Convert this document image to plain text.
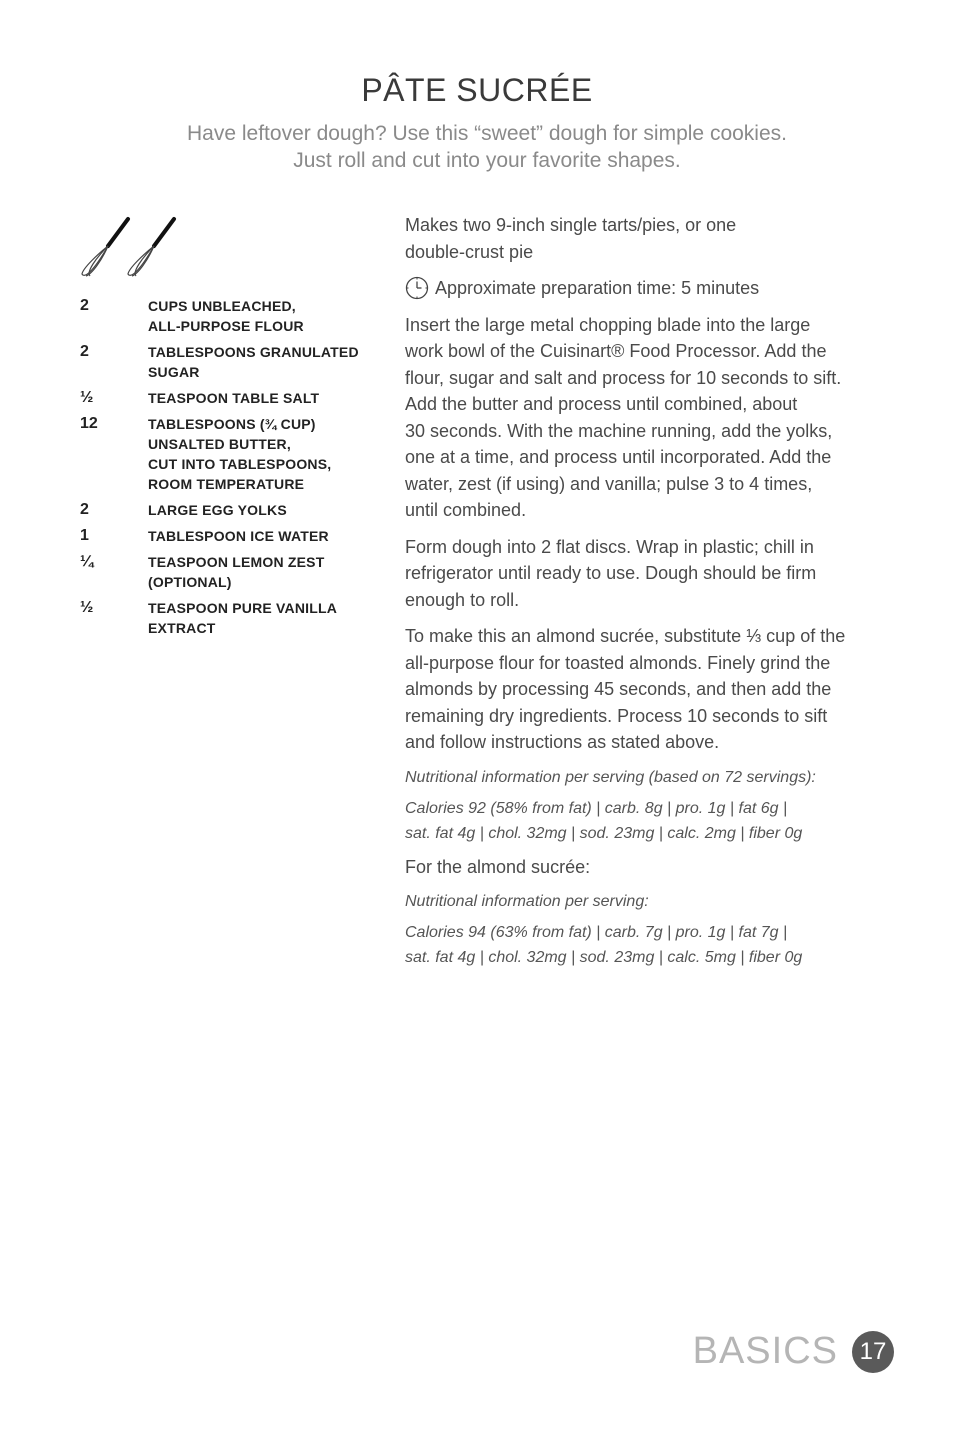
PÂTE SUCRÉE
Have leftover dough? Use this “sweet” dough for simple cookies.
Just roll and cut into your favorite shapes.
2	CUPS UNBLEACHED,
ALL-PURPOSE FLOUR
2	TABLESPOONS GRANULATED
SUGAR
½	TEASPOON TABLE SALT
12	TABLESPOONS (¾ CUP)
UNSALTED BUTTER,
CUT INTO TABLESPOONS,
ROOM TEMPERATURE
2	LARGE EGG YOLKS
1	TABLESPOON ICE WATER
¼	TEASPOON LEMON ZEST
(OPTIONAL)
½	TEASPOON PURE VANILLA
EXTRACT

Makes two 9-inch single tarts/pies, or one
double-crust pie

Approximate preparation time: 5 minutes

Insert the large metal chopping blade into the large
work bowl of the Cuisinart® Food Processor. Add the
flour, sugar and salt and process for 10 seconds to sift.
Add the butter and process until combined, about
30 seconds. With the machine running, add the yolks,
one at a time, and process until incorporated. Add the
water, zest (if using) and vanilla; pulse 3 to 4 times,
until combined.

Form dough into 2 flat discs. Wrap in plastic; chill in
refrigerator until ready to use. Dough should be firm
enough to roll.

To make this an almond sucrée, substitute ⅓ cup of the
all-purpose flour for toasted almonds. Finely grind the
almonds by processing 45 seconds, and then add the
remaining dry ingredients. Process 10 seconds to sift
and follow instructions as stated above.

Nutritional information per serving (based on 72 servings):

Calories 92 (58% from fat) | carb. 8g | pro. 1g | fat 6g |
sat. fat 4g | chol. 32mg | sod. 23mg | calc. 2mg | fiber 0g

For the almond sucrée:

Nutritional information per serving:

Calories 94 (63% from fat) | carb. 7g | pro. 1g | fat 7g |
sat. fat 4g | chol. 32mg | sod. 23mg | calc. 5mg | fiber 0g

BASICS 17
